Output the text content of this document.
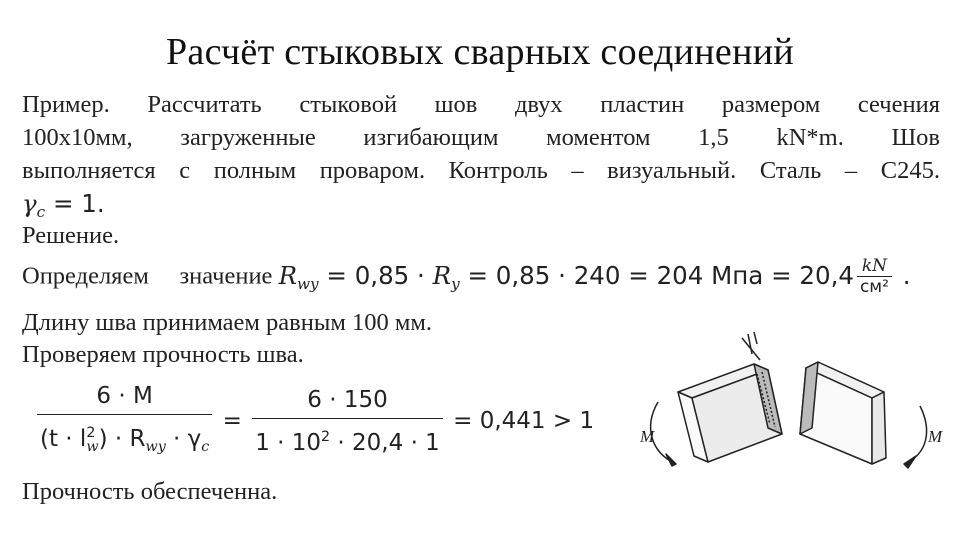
Расчёт стыковых сварных соединений
Пример. Рассчитать стыковой шов двух пластин размером сечения
100х10мм, загруженные изгибающим моментом 1,5 kN*m. Шов
выполняется с полным проваром. Контроль – визуальный. Сталь – С245.
$\gamma_c = 1$.
Решение.
Определяем значение $R_{wy} = 0,85 \cdot R_y = 0,85 \cdot 240 = 204$ Мпа = $20,4 \frac{kN}{\text{см²}}$ .
Длину шва принимаем равным 100 мм.
Проверяем прочность шва.
$\frac{6 \cdot M}{(t \cdot l^2_w) \cdot R_{wy} \cdot \gamma_c} = \frac{6 \cdot 150}{1 \cdot 10^2 \cdot 20,4 \cdot 1} = 0,441 > 1$
Прочность обеспеченна.
M	M
